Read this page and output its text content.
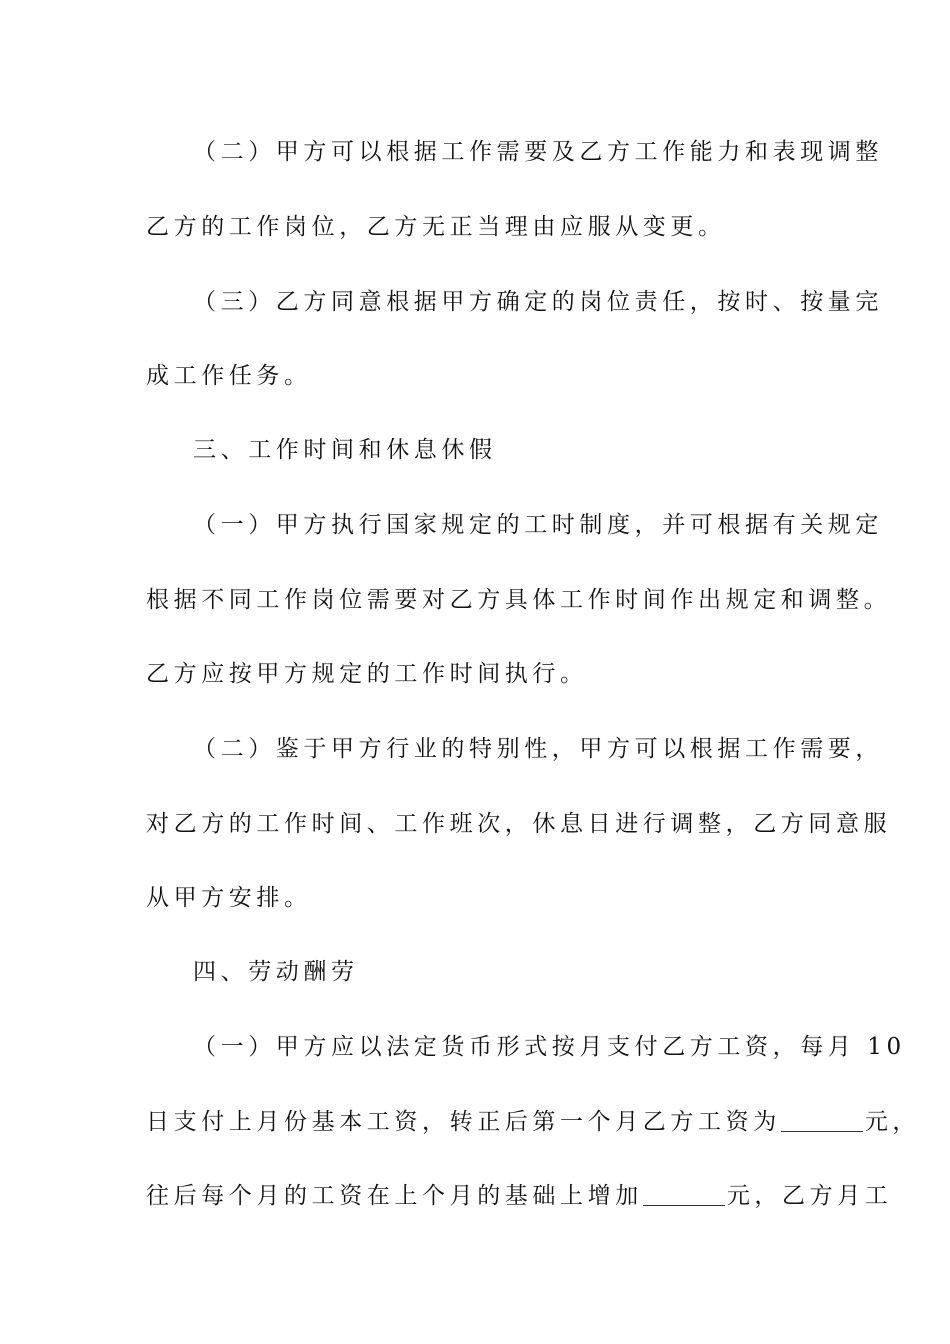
（二）甲方可以根据工作需要及乙方工作能力和表现调整
乙方的工作岗位，乙方无正当理由应服从变更。
（三）乙方同意根据甲方确定的岗位责任，按时、按量完
成工作任务。
三、工作时间和休息休假
（一）甲方执行国家规定的工时制度，并可根据有关规定
根据不同工作岗位需要对乙方具体工作时间作出规定和调整。
乙方应按甲方规定的工作时间执行。
（二）鉴于甲方行业的特别性，甲方可以根据工作需要，
对乙方的工作时间、工作班次，休息日进行调整，乙方同意服
从甲方安排。
四、劳动酬劳
（一）甲方应以法定货币形式按月支付乙方工资，每月 10
日支付上月份基本工资，转正后第一个月乙方工资为	元，
往后每个月的工资在上个月的基础上增加	元，乙方月工
